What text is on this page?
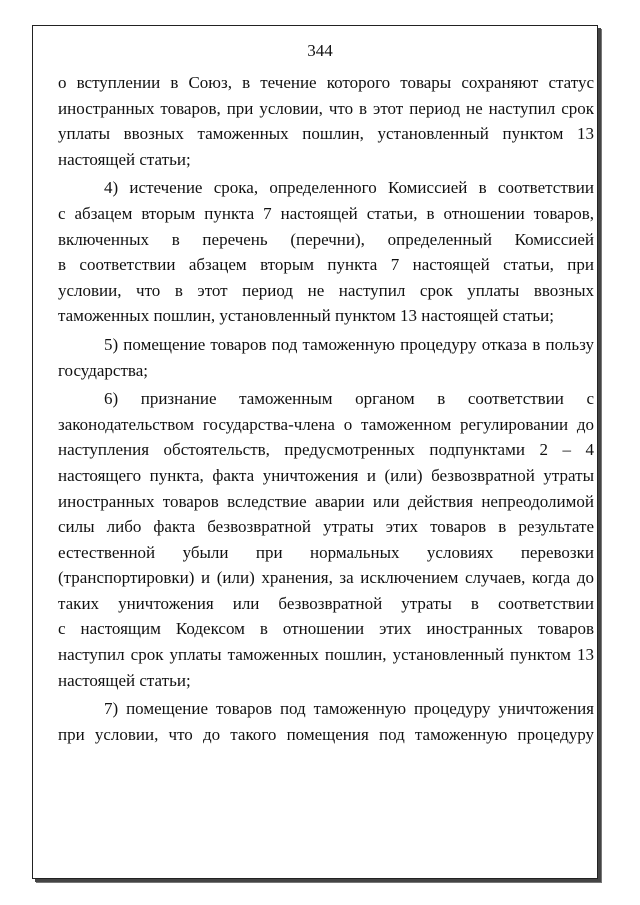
344
о вступлении в Союз, в течение которого товары сохраняют статус
иностранных товаров, при условии, что в этот период не наступил срок
уплаты ввозных таможенных пошлин, установленный пунктом 13
настоящей статьи;
4) истечение срока, определенного Комиссией в соответствии
с абзацем вторым пункта 7 настоящей статьи, в отношении товаров,
включенных в перечень (перечни), определенный Комиссией
в соответствии абзацем вторым пункта 7 настоящей статьи, при
условии, что в этот период не наступил срок уплаты ввозных
таможенных пошлин, установленный пунктом 13 настоящей статьи;
5) помещение товаров под таможенную процедуру отказа в пользу
государства;
6) признание таможенным органом в соответствии с
законодательством государства-члена о таможенном регулировании до
наступления обстоятельств, предусмотренных подпунктами 2 – 4
настоящего пункта, факта уничтожения и (или) безвозвратной утраты
иностранных товаров вследствие аварии или действия непреодолимой
силы либо факта безвозвратной утраты этих товаров в результате
естественной убыли при нормальных условиях перевозки
(транспортировки) и (или) хранения, за исключением случаев, когда до
таких уничтожения или безвозвратной утраты в соответствии
с настоящим Кодексом в отношении этих иностранных товаров
наступил срок уплаты таможенных пошлин, установленный пунктом 13
настоящей статьи;
7) помещение товаров под таможенную процедуру уничтожения
при условии, что до такого помещения под таможенную процедуру
